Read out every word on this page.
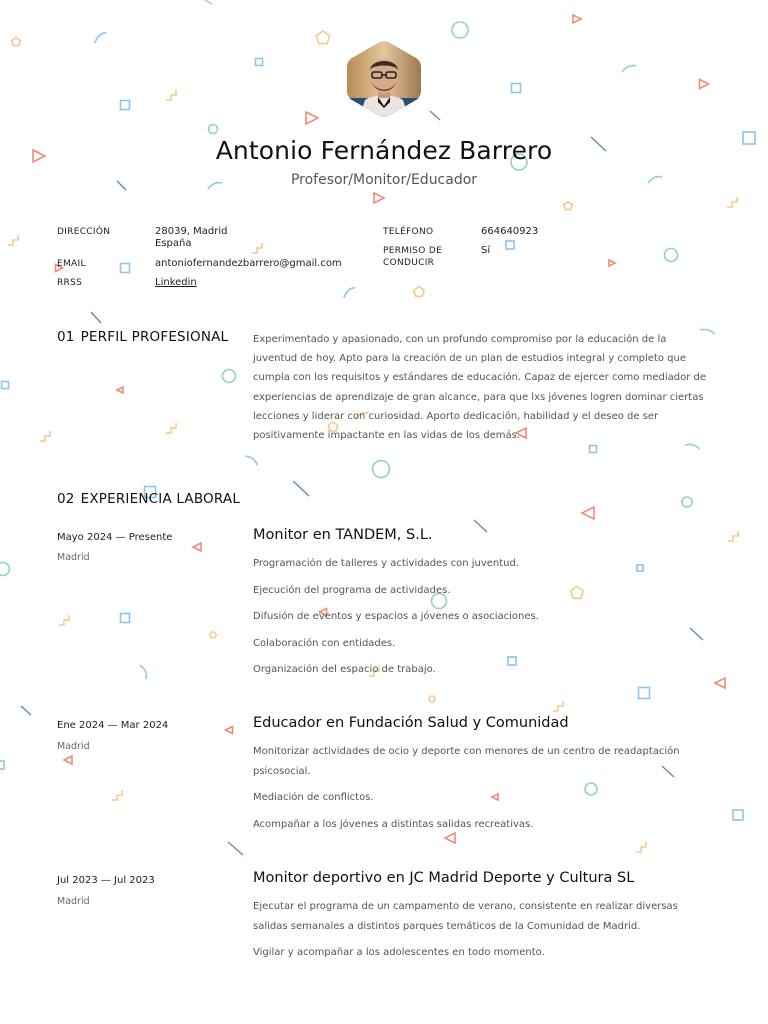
Antonio Fernández Barrero
Profesor/Monitor/Educador
DIRECCIÓN	28039, Madrid
España
EMAIL	antoniofernandezbarrero@gmail.com
RRSS	Linkedin
TELÉFONO	664640923
PERMISO DE
CONDUCIR
Sí
01 PERFIL PROFESIONAL Experimentado y apasionado, con un profundo compromiso por la educación de la juventud de hoy. Apto para la creación de un plan de estudios integral y completo que cumpla con los requisitos y estándares de educación. Capaz de ejercer como mediador de experiencias de aprendizaje de gran alcance, para que lxs jóvenes logren dominar ciertas lecciones y liderar con curiosidad. Aporto dedicación, habilidad y el deseo de ser positivamente impactante en las vidas de los demás.
02 EXPERIENCIA LABORAL
Mayo 2024 — Presente
Madrid
Monitor en TANDEM, S.L.
Programación de talleres y actividades con juventud.
Ejecución del programa de actividades.
Difusión de eventos y espacios a jóvenes o asociaciones.
Colaboración con entidades.
Organización del espacio de trabajo.
Ene 2024 — Mar 2024
Madrid
Educador en Fundación Salud y Comunidad
Monitorizar actividades de ocio y deporte con menores de un centro de readaptación psicosocial.
Mediación de conflictos.
Acompañar a los jóvenes a distintas salidas recreativas.
Jul 2023 — Jul 2023
Madrid
Monitor deportivo en JC Madrid Deporte y Cultura SL
Ejecutar el programa de un campamento de verano, consistente en realizar diversas salidas semanales a distintos parques temáticos de la Comunidad de Madrid.
Vigilar y acompañar a los adolescentes en todo momento.
